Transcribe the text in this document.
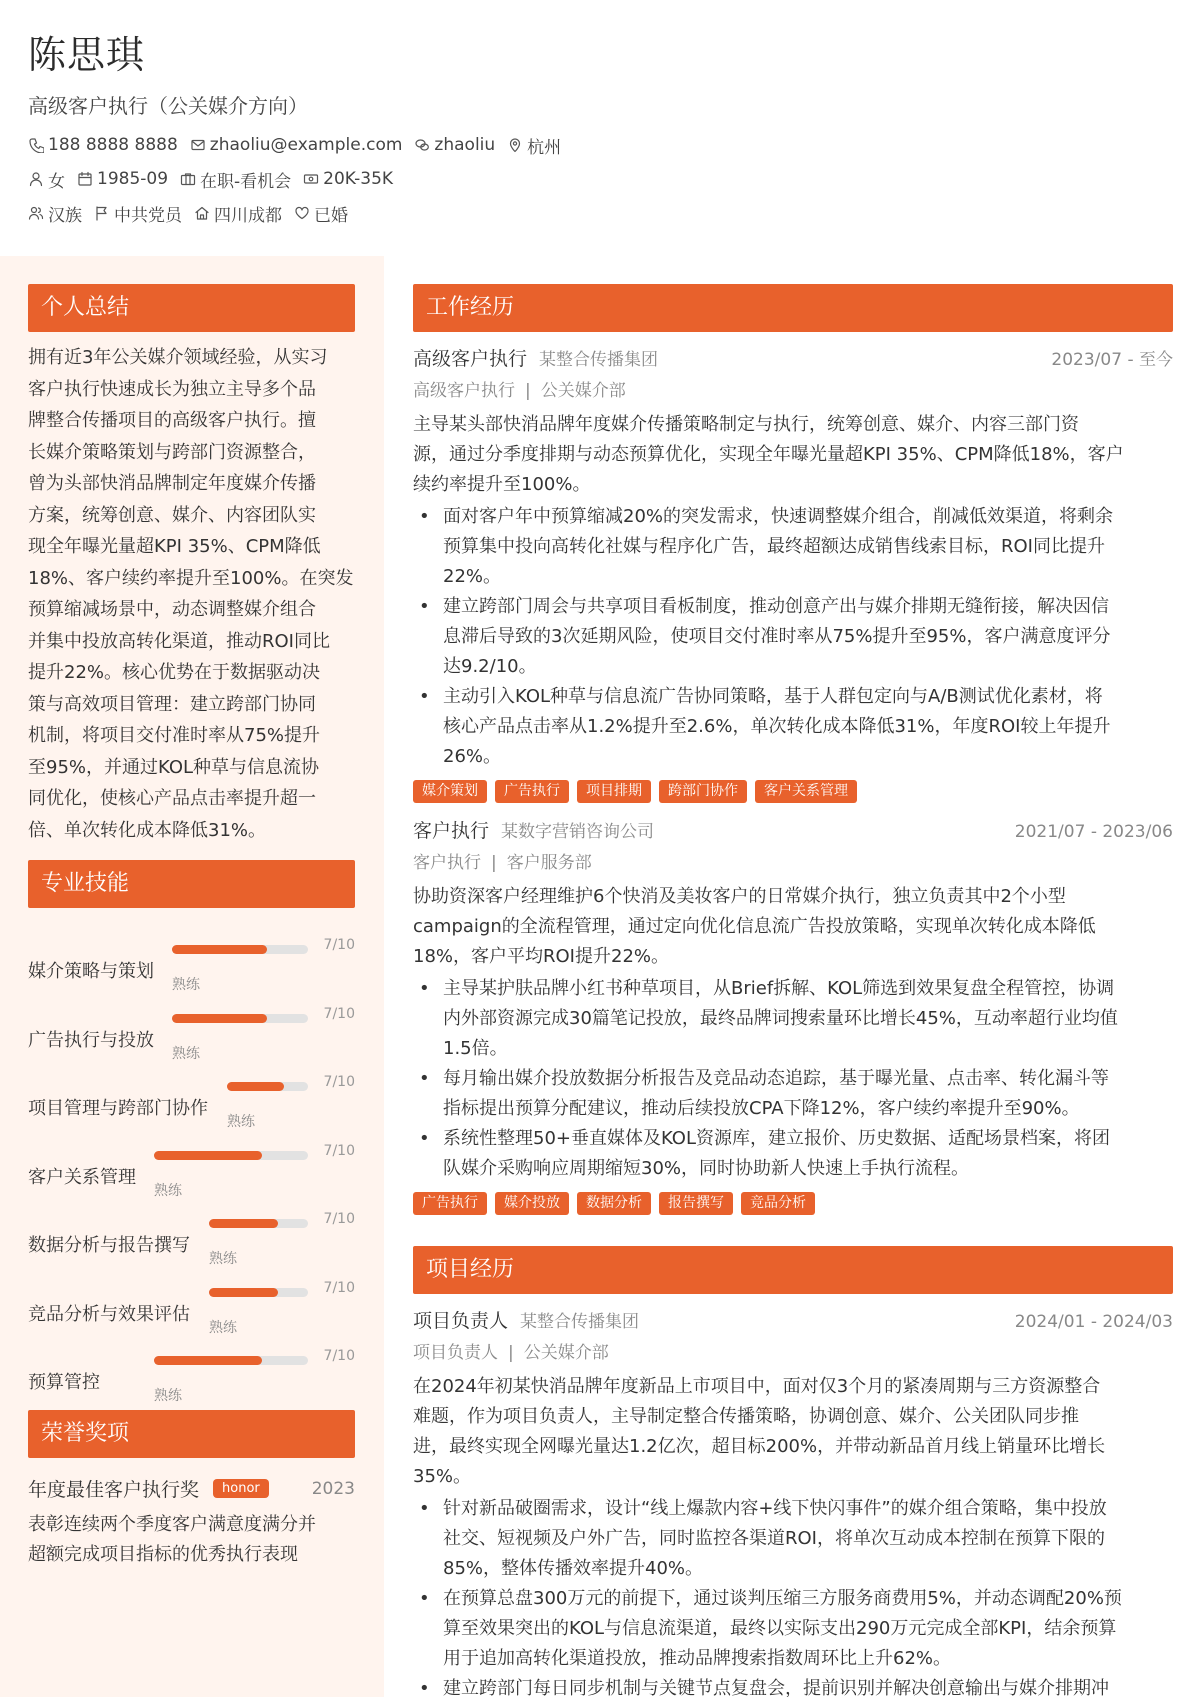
陈思琪
高级客户执行（公关媒介方向）
188 8888 8888 zhaoliu@example.com zhaoliu 杭州
女 1985-09 在职-看机会 20K-35K
汉族 中共党员 四川成都 已婚
个人总结
拥有近3年公关媒介领域经验，从实习
客户执行快速成长为独立主导多个品
牌整合传播项目的高级客户执行。擅
长媒介策略策划与跨部门资源整合，
曾为头部快消品牌制定年度媒介传播
方案，统筹创意、媒介、内容团队实
现全年曝光量超KPI 35%、CPM降低
18%、客户续约率提升至100%。在突发
预算缩减场景中，动态调整媒介组合
并集中投放高转化渠道，推动ROI同比
提升22%。核心优势在于数据驱动决
策与高效项目管理：建立跨部门协同
机制，将项目交付准时率从75%提升
至95%，并通过KOL种草与信息流协
同优化，使核心产品点击率提升超一
倍、单次转化成本降低31%。
专业技能
媒介策略与策划
熟练
7/10
广告执行与投放
熟练
7/10
项目管理与跨部门协作
熟练
7/10
客户关系管理
熟练
7/10
数据分析与报告撰写
熟练
7/10
竞品分析与效果评估
熟练
7/10
预算管控
熟练
7/10
荣誉奖项
年度最佳客户执行奖	honor	2023
表彰连续两个季度客户满意度满分并
超额完成项目指标的优秀执行表现
工作经历
高级客户执行 某整合传播集团	2023/07 - 至今
高级客户执行 | 公关媒介部
主导某头部快消品牌年度媒介传播策略制定与执行，统筹创意、媒介、内容三部门资
源，通过分季度排期与动态预算优化，实现全年曝光量超KPI 35%、CPM降低18%，客户
续约率提升至100%。
• 面对客户年中预算缩减20%的突发需求，快速调整媒介组合，削减低效渠道，将剩余
预算集中投向高转化社媒与程序化广告，最终超额达成销售线索目标，ROI同比提升
22%。
• 建立跨部门周会与共享项目看板制度，推动创意产出与媒介排期无缝衔接，解决因信
息滞后导致的3次延期风险，使项目交付准时率从75%提升至95%，客户满意度评分
达9.2/10。
• 主动引入KOL种草与信息流广告协同策略，基于人群包定向与A/B测试优化素材，将
核心产品点击率从1.2%提升至2.6%，单次转化成本降低31%，年度ROI较上年提升
26%。
媒介策划	广告执行	项目排期	跨部门协作	客户关系管理
客户执行 某数字营销咨询公司	2021/07 - 2023/06
客户执行 | 客户服务部
协助资深客户经理维护6个快消及美妆客户的日常媒介执行，独立负责其中2个小型
campaign的全流程管理，通过定向优化信息流广告投放策略，实现单次转化成本降低
18%，客户平均ROI提升22%。
• 主导某护肤品牌小红书种草项目，从Brief拆解、KOL筛选到效果复盘全程管控，协调
内外部资源完成30篇笔记投放，最终品牌词搜索量环比增长45%，互动率超行业均值
1.5倍。
• 每月输出媒介投放数据分析报告及竞品动态追踪，基于曝光量、点击率、转化漏斗等
指标提出预算分配建议，推动后续投放CPA下降12%，客户续约率提升至90%。
• 系统性整理50+垂直媒体及KOL资源库，建立报价、历史数据、适配场景档案，将团
队媒介采购响应周期缩短30%，同时协助新人快速上手执行流程。
广告执行	媒介投放	数据分析	报告撰写	竞品分析
项目经历
项目负责人 某整合传播集团	2024/01 - 2024/03
项目负责人 | 公关媒介部
在2024年初某快消品牌年度新品上市项目中，面对仅3个月的紧凑周期与三方资源整合
难题，作为项目负责人，主导制定整合传播策略，协调创意、媒介、公关团队同步推
进，最终实现全网曝光量达1.2亿次，超目标200%，并带动新品首月线上销量环比增长
35%。
• 针对新品破圈需求，设计“线上爆款内容+线下快闪事件”的媒介组合策略，集中投放
社交、短视频及户外广告，同时监控各渠道ROI，将单次互动成本控制在预算下限的
85%，整体传播效率提升40%。
• 在预算总盘300万元的前提下，通过谈判压缩三方服务商费用5%，并动态调配20%预
算至效果突出的KOL与信息流渠道，最终以实际支出290万元完成全部KPI，结余预算
用于追加高转化渠道投放，推动品牌搜索指数周环比上升62%。
• 建立跨部门每日同步机制与关键节点复盘会，提前识别并解决创意输出与媒介排期冲
